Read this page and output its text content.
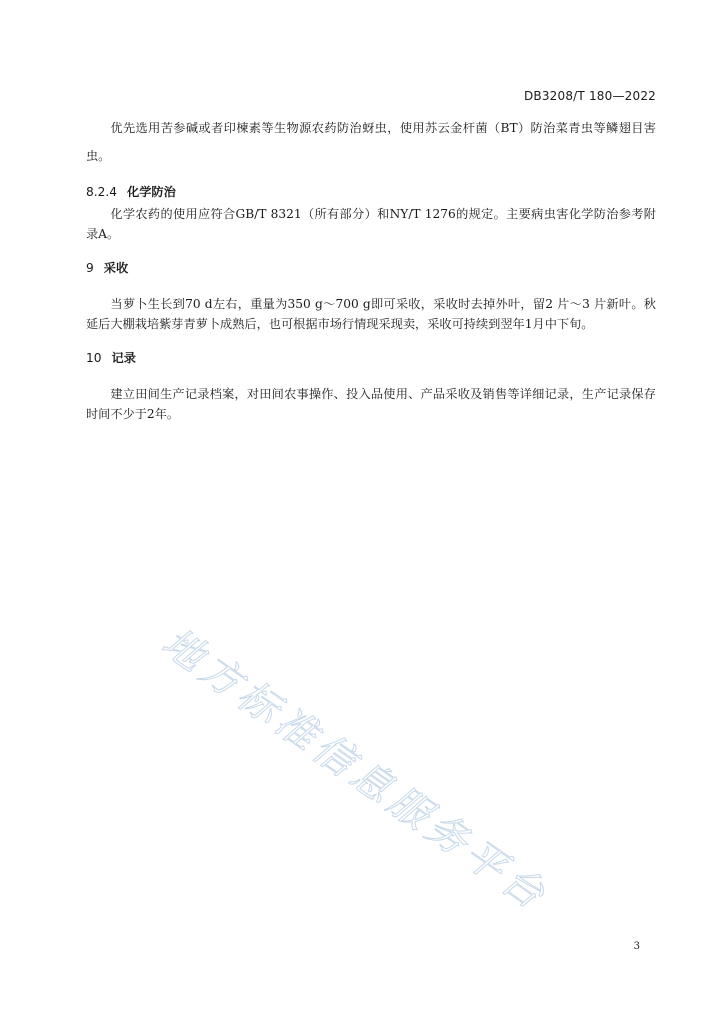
DB3208/T 180—2022

优先选用苦参碱或者印楝素等生物源农药防治蚜虫，使用苏云金杆菌（BT）防治菜青虫等鳞翅目害虫。

8.2.4 化学防治

化学农药的使用应符合GB/T 8321（所有部分）和NY/T 1276的规定。主要病虫害化学防治参考附录A。

9 采收

当萝卜生长到70 d左右，重量为350 g～700 g即可采收，采收时去掉外叶，留2 片～3 片新叶。秋延后大棚栽培紫芽青萝卜成熟后，也可根据市场行情现采现卖，采收可持续到翌年1月中下旬。

10 记录

建立田间生产记录档案，对田间农事操作、投入品使用、产品采收及销售等详细记录，生产记录保存时间不少于2年。

地方标准信息服务平台
3
